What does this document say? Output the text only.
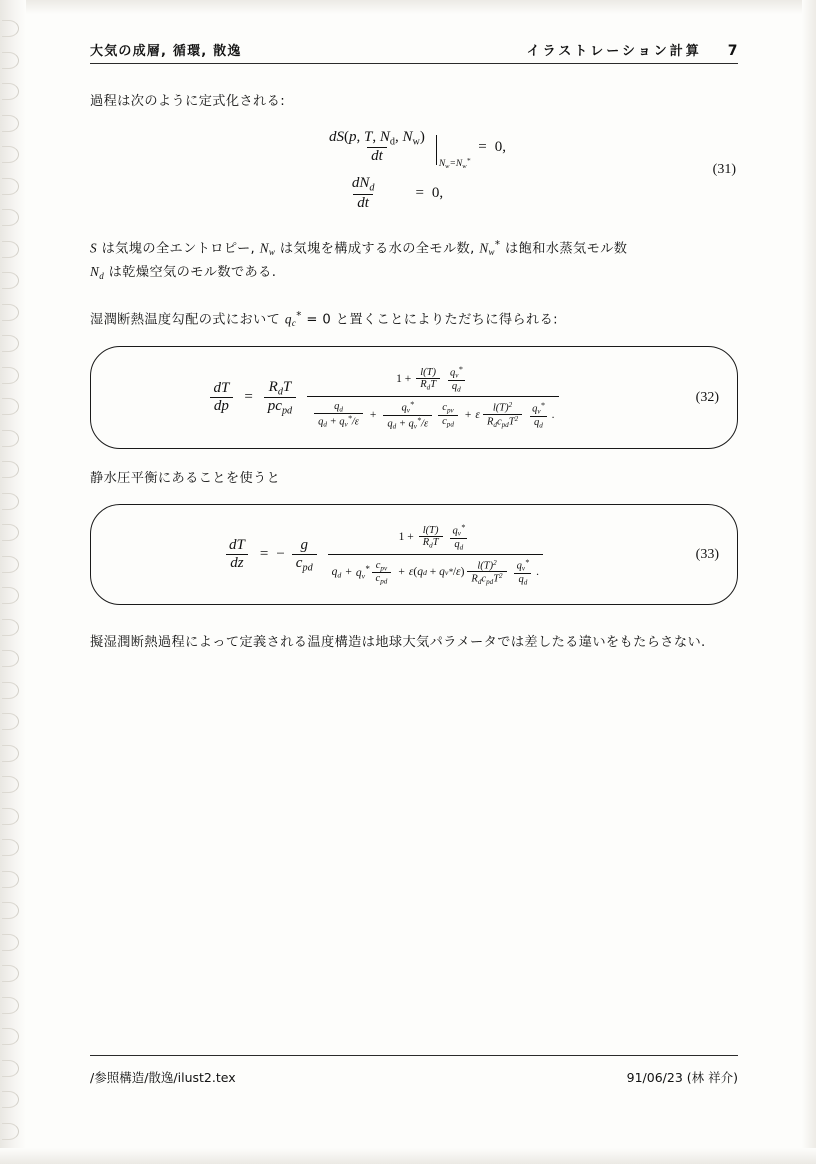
大気の成層, 循環, 散逸	イラストレーション計算 7

過程は次のように定式化される:

$\frac{dS(p, T, N_d, N_w)}{dt} N_w=N_w^*$
= 0,
$\frac{dN_d}{dt} = 0$,
(31)

S は気塊の全エントロピー, $N_w$ は気塊を構成する水の全モル数, $N_w^*$ は飽和水蒸気モル数
$N_d$ は乾燥空気のモル数である.

湿潤断熱温度勾配の式において $q_c^* = 0$ と置くことによりただちに得られる:

$\frac{dT}{dp} = \frac{R_dT}{pc_{pd}}$	$1 + \frac{l(T)}{R_dT} \frac{q_v^*}{q_d}$
$\frac{q_d}{q_d + q_v^*/\varepsilon} + \frac{q_v^*}{q_d + q_v^*/\varepsilon} \frac{c_{pv}}{c_{pd}} + \varepsilon \frac{l(T)^2}{R_dc_{pd}T^2} \frac{q_v^*}{q_d}$ .
(32)

静水圧平衡にあることを使うと

$\frac{dT}{dz}$ = − $\frac{g}{c_{pd}}$	$1 + \frac{l(T)}{R_dT} \frac{q_v^*}{q_d}$
$q_d + q_v^* \frac{c_{pv}}{c_{pd}} + \varepsilon$ ( q d + q v * / ε ) $\frac{l(T)^2}{R_dc_{pd}T^2} \frac{q_v^*}{q_d}$ .
(33)

擬湿潤断熱過程によって定義される温度構造は地球大気パラメータでは差したる違いをもたらさない.

/参照構造/散逸/ilust2.tex	91/06/23 (林 祥介)
